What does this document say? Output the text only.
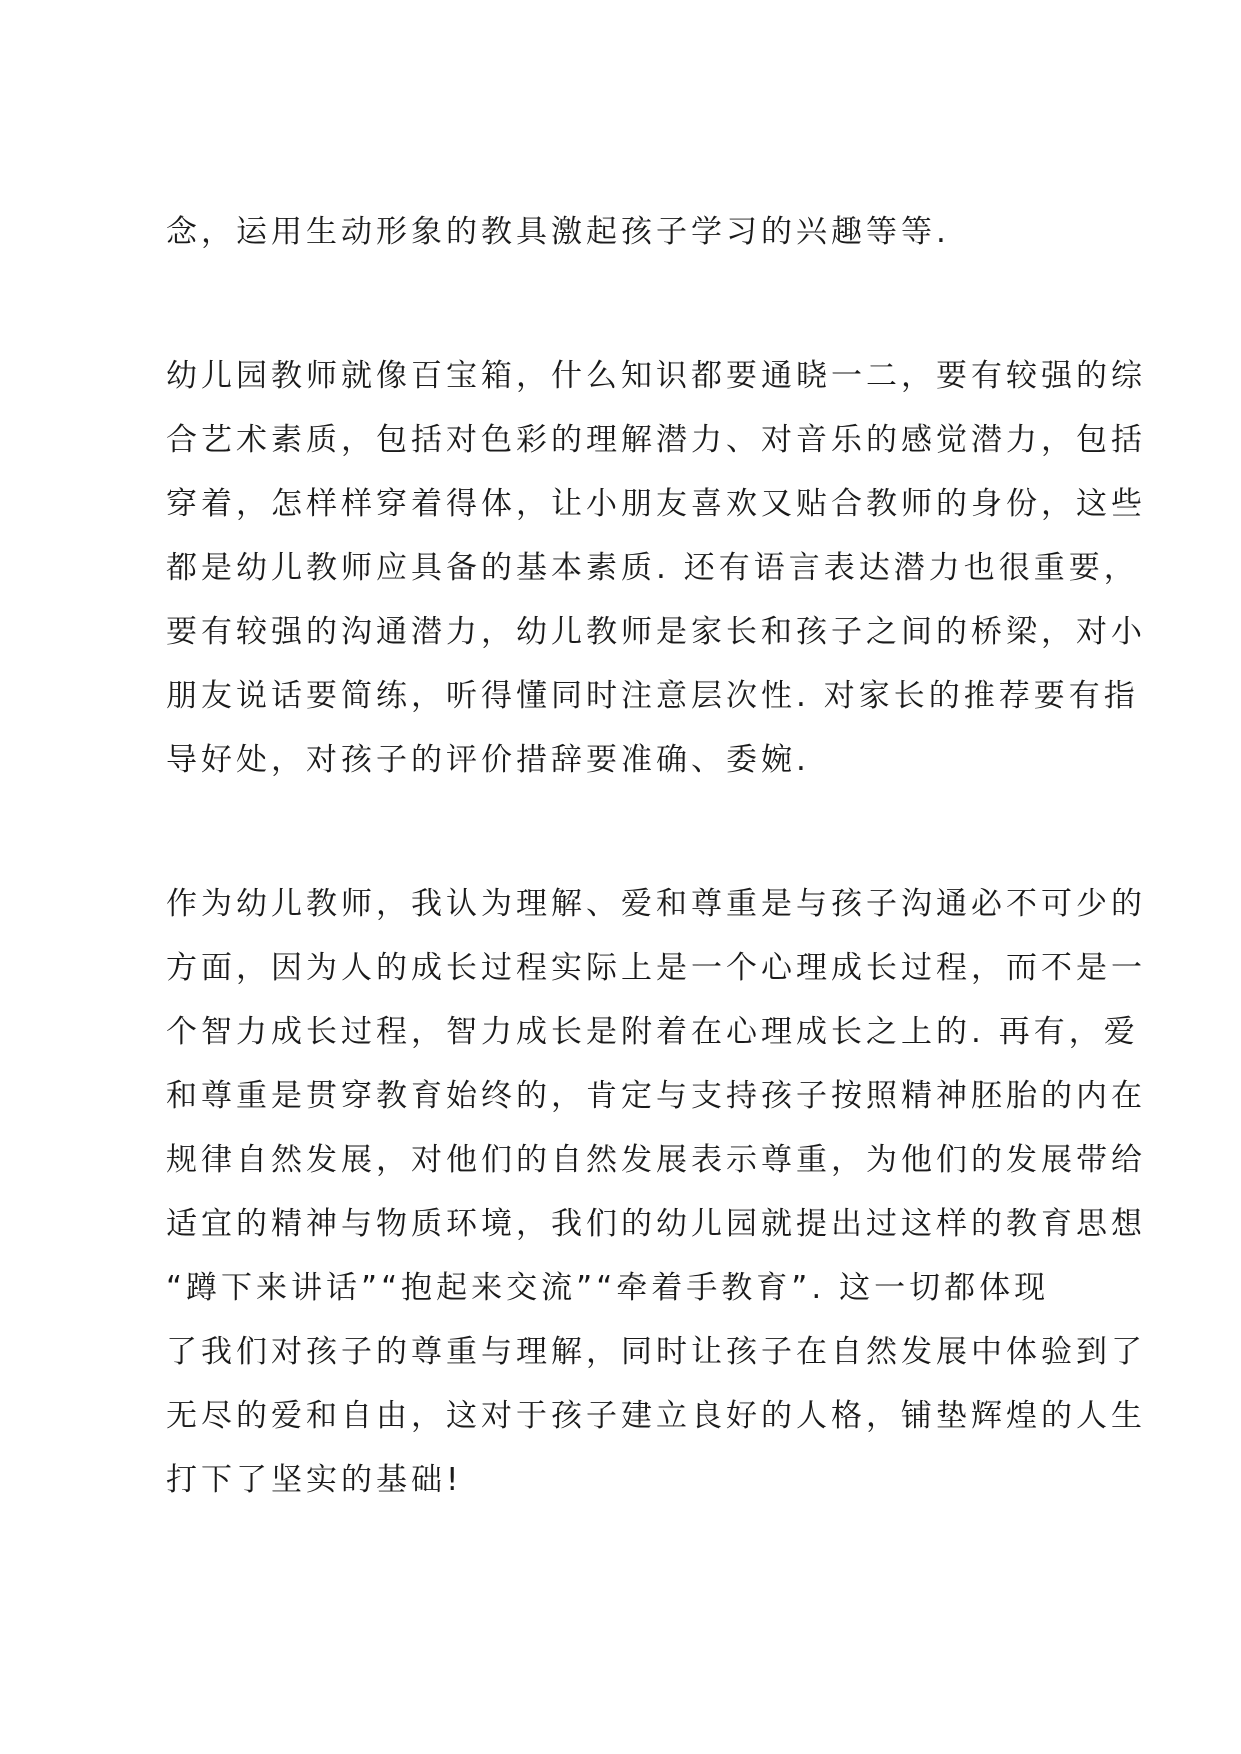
念，运用生动形象的教具激起孩子学习的兴趣等等.
幼儿园教师就像百宝箱，什么知识都要通晓一二，要有较强的综
合艺术素质，包括对色彩的理解潜力、对音乐的感觉潜力，包括
穿着，怎样样穿着得体，让小朋友喜欢又贴合教师的身份，这些
都是幼儿教师应具备的基本素质. 还有语言表达潜力也很重要，
要有较强的沟通潜力，幼儿教师是家长和孩子之间的桥梁，对小
朋友说话要简练，听得懂同时注意层次性. 对家长的推荐要有指
导好处，对孩子的评价措辞要准确、委婉.
作为幼儿教师，我认为理解、爱和尊重是与孩子沟通必不可少的
方面，因为人的成长过程实际上是一个心理成长过程，而不是一
个智力成长过程，智力成长是附着在心理成长之上的. 再有，爱
和尊重是贯穿教育始终的，肯定与支持孩子按照精神胚胎的内在
规律自然发展，对他们的自然发展表示尊重，为他们的发展带给
适宜的精神与物质环境，我们的幼儿园就提出过这样的教育思想
“蹲下来讲话”“抱起来交流”“牵着手教育”. 这一切都体现
了我们对孩子的尊重与理解，同时让孩子在自然发展中体验到了
无尽的爱和自由，这对于孩子建立良好的人格，铺垫辉煌的人生
打下了坚实的基础!
